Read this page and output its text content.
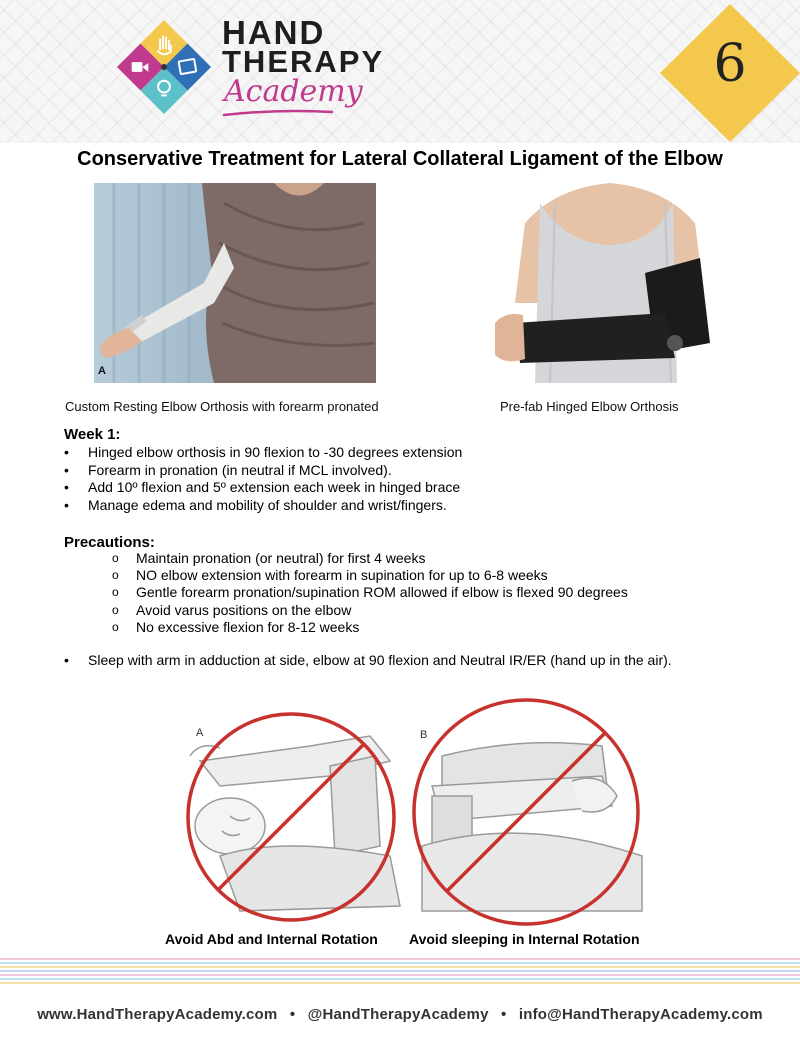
HAND
THERAPY
Academy	6
Conservative Treatment for Lateral Collateral Ligament of the Elbow
A
Custom Resting Elbow Orthosis with forearm pronated	Pre-fab Hinged Elbow Orthosis
Week 1:
• Hinged elbow orthosis in 90 flexion to -30 degrees extension
• Forearm in pronation (in neutral if MCL involved).
• Add 10º flexion and 5º extension each week in hinged brace
• Manage edema and mobility of shoulder and wrist/fingers.
Precautions:
o Maintain pronation (or neutral) for first 4 weeks
o NO elbow extension with forearm in supination for up to 6-8 weeks
o Gentle forearm pronation/supination ROM allowed if elbow is flexed 90 degrees
o Avoid varus positions on the elbow
o No excessive flexion for 8-12 weeks
• Sleep with arm in adduction at side, elbow at 90 flexion and Neutral IR/ER (hand up in the air).
A	B
Avoid Abd and Internal Rotation Avoid sleeping in Internal Rotation
www.HandTherapyAcademy.com • @HandTherapyAcademy • info@HandTherapyAcademy.com
